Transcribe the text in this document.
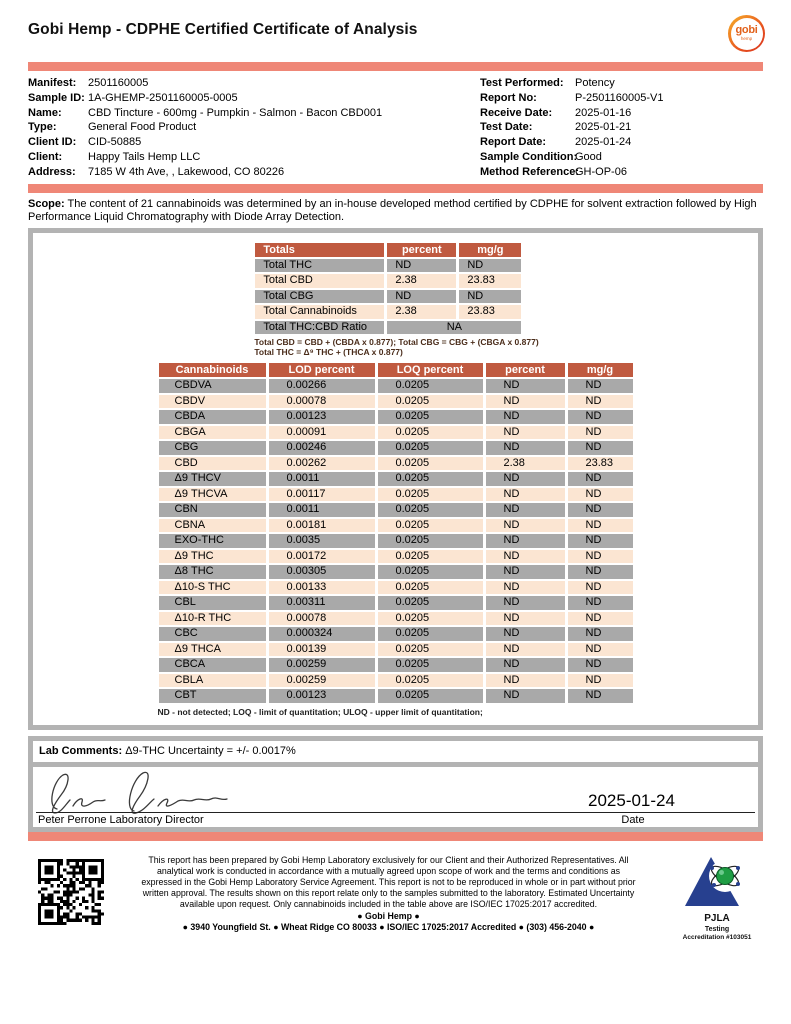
Gobi Hemp - CDPHE Certified Certificate of Analysis	gobi
hemp
Manifest:	2501160005
Sample ID: 1A-GHEMP-2501160005-0005
Name:	CBD Tincture - 600mg - Pumpkin - Salmon - Bacon CBD001
Type:	General Food Product
Client ID:	CID-50885
Client:	Happy Tails Hemp LLC
Address:	7185 W 4th Ave, , Lakewood, CO 80226
Test Performed:	Potency
Report No:	P-2501160005-V1
Receive Date:	2025-01-16
Test Date:	2025-01-21
Report Date:	2025-01-24
Sample Condition:
Good
Method Reference:
GH-OP-06

Scope: The content of 21 cannabinoids was determined by an in-house developed method certified by CDPHE for solvent extraction followed by High Performance Liquid Chromatography with Diode Array Detection.

Totals	percent	mg/g
Total THC	ND	ND
Total CBD	2.38	23.83
Total CBG	ND	ND
Total Cannabinoids	2.38	23.83
Total THC:CBD Ratio	NA	
Total CBD = CBD + (CBDA x 0.877); Total CBG = CBG + (CBGA x 0.877)
Total THC = Δ⁹ THC + (THCA x 0.877)
Cannabinoids	LOD percent	LOQ percent	percent	mg/g
CBDVA	0.00266	0.0205	ND	ND
CBDV	0.00078	0.0205	ND	ND
CBDA	0.00123	0.0205	ND	ND
CBGA	0.00091	0.0205	ND	ND
CBG	0.00246	0.0205	ND	ND
CBD	0.00262	0.0205	2.38	23.83
Δ9 THCV	0.0011	0.0205	ND	ND
Δ9 THCVA	0.00117	0.0205	ND	ND
CBN	0.0011	0.0205	ND	ND
CBNA	0.00181	0.0205	ND	ND
EXO-THC	0.0035	0.0205	ND	ND
Δ9 THC	0.00172	0.0205	ND	ND
Δ8 THC	0.00305	0.0205	ND	ND
Δ10-S THC	0.00133	0.0205	ND	ND
CBL	0.00311	0.0205	ND	ND
Δ10-R THC	0.00078	0.0205	ND	ND
CBC	0.000324	0.0205	ND	ND
Δ9 THCA	0.00139	0.0205	ND	ND
CBCA	0.00259	0.0205	ND	ND
CBLA	0.00259	0.0205	ND	ND
CBT	0.00123	0.0205	ND	ND
ND - not detected; LOQ - limit of quantitation; ULOQ - upper limit of quantitation;
Lab Comments: Δ9-THC Uncertainty = +/- 0.0017%
2025-01-24
Peter Perrone Laboratory Director	Date

This report has been prepared by Gobi Hemp Laboratory exclusively for our Client and their Authorized Representatives. All analytical work is conducted in accordance with a mutually agreed upon scope of work and the terms and conditions as expressed in the Gobi Hemp Laboratory Service Agreement. This report is not to be reproduced in whole or in part without prior written approval. The results shown on this report relate only to the samples submitted to the laboratory. Estimated Uncertainty available upon request. Only cannabinoids included in the table above are ISO/IEC 17025:2017 accredited.

● Gobi Hemp ●

● 3940 Youngfield St. ● Wheat Ridge CO 80033 ● ISO/IEC 17025:2017 Accredited ● (303) 456-2040 ●

PJLA
Testing
Accreditation #103051
